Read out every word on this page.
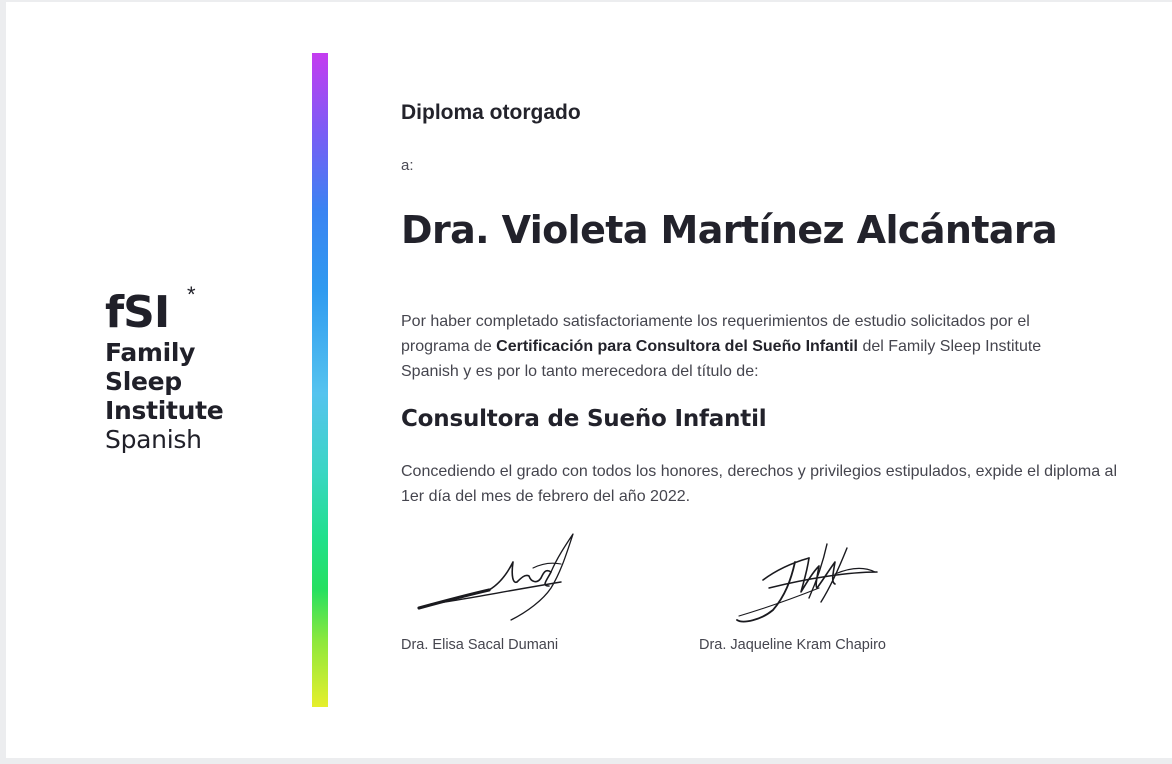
fSI *
Family
Sleep
Institute
Spanish
Diploma otorgado
a:
Dra. Violeta Martínez Alcántara
Por haber completado satisfactoriamente los requerimientos de estudio solicitados por el programa de Certificación para Consultora del Sueño Infantil del Family Sleep Institute Spanish y es por lo tanto merecedora del título de:
Consultora de Sueño Infantil
Concediendo el grado con todos los honores, derechos y privilegios estipulados, expide el diploma al 1er día del mes de febrero del año 2022.
Dra. Elisa Sacal Dumani	Dra. Jaqueline Kram Chapiro
